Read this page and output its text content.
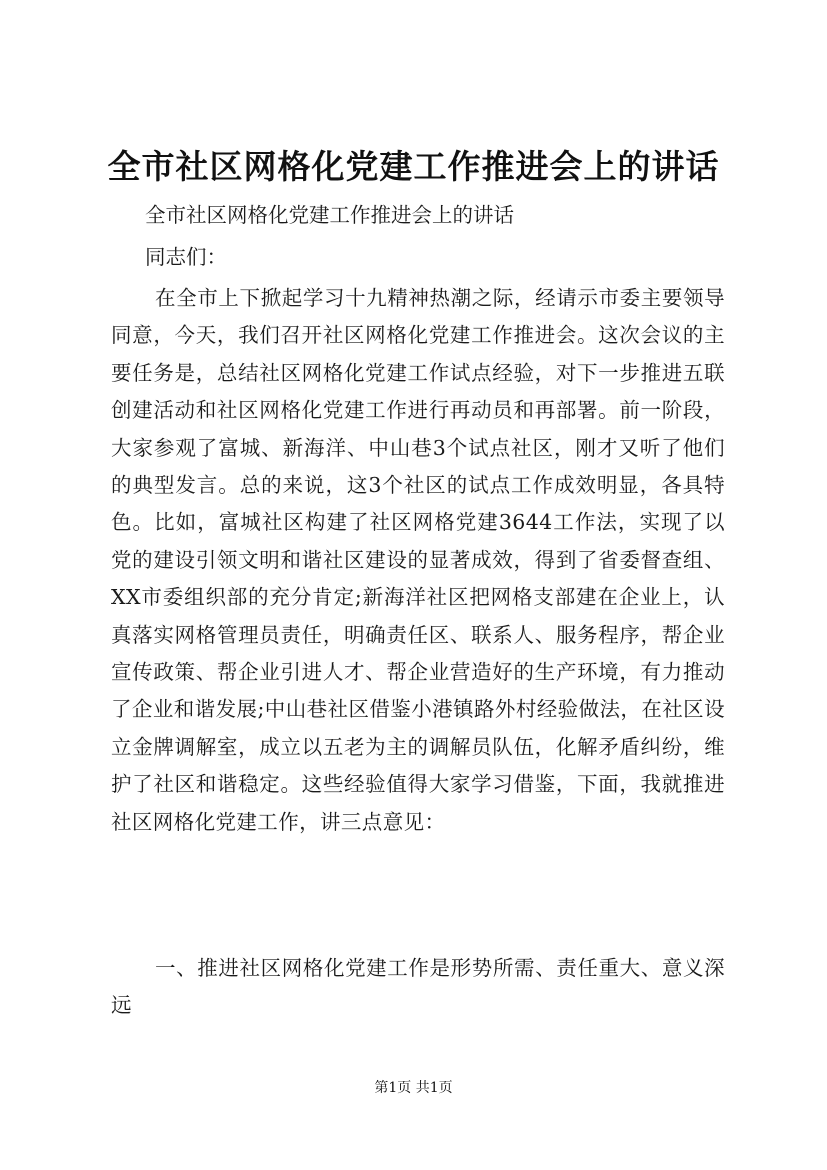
全市社区网格化党建工作推进会上的讲话

全市社区网格化党建工作推进会上的讲话

同志们：

在全市上下掀起学习十九精神热潮之际，经请示市委主要领导同意，今天，我们召开社区网格化党建工作推进会。这次会议的主要任务是，总结社区网格化党建工作试点经验，对下一步推进五联创建活动和社区网格化党建工作进行再动员和再部署。前一阶段，大家参观了富城、新海洋、中山巷3个试点社区，刚才又听了他们的典型发言。总的来说，这3个社区的试点工作成效明显，各具特色。比如，富城社区构建了社区网格党建3644工作法，实现了以党的建设引领文明和谐社区建设的显著成效，得到了省委督查组、XX市委组织部的充分肯定;新海洋社区把网格支部建在企业上，认真落实网格管理员责任，明确责任区、联系人、服务程序，帮企业宣传政策、帮企业引进人才、帮企业营造好的生产环境，有力推动了企业和谐发展;中山巷社区借鉴小港镇路外村经验做法，在社区设立金牌调解室，成立以五老为主的调解员队伍，化解矛盾纠纷，维护了社区和谐稳定。这些经验值得大家学习借鉴，下面，我就推进社区网格化党建工作，讲三点意见：

一、推进社区网格化党建工作是形势所需、责任重大、意义深远

第1页 共1页
